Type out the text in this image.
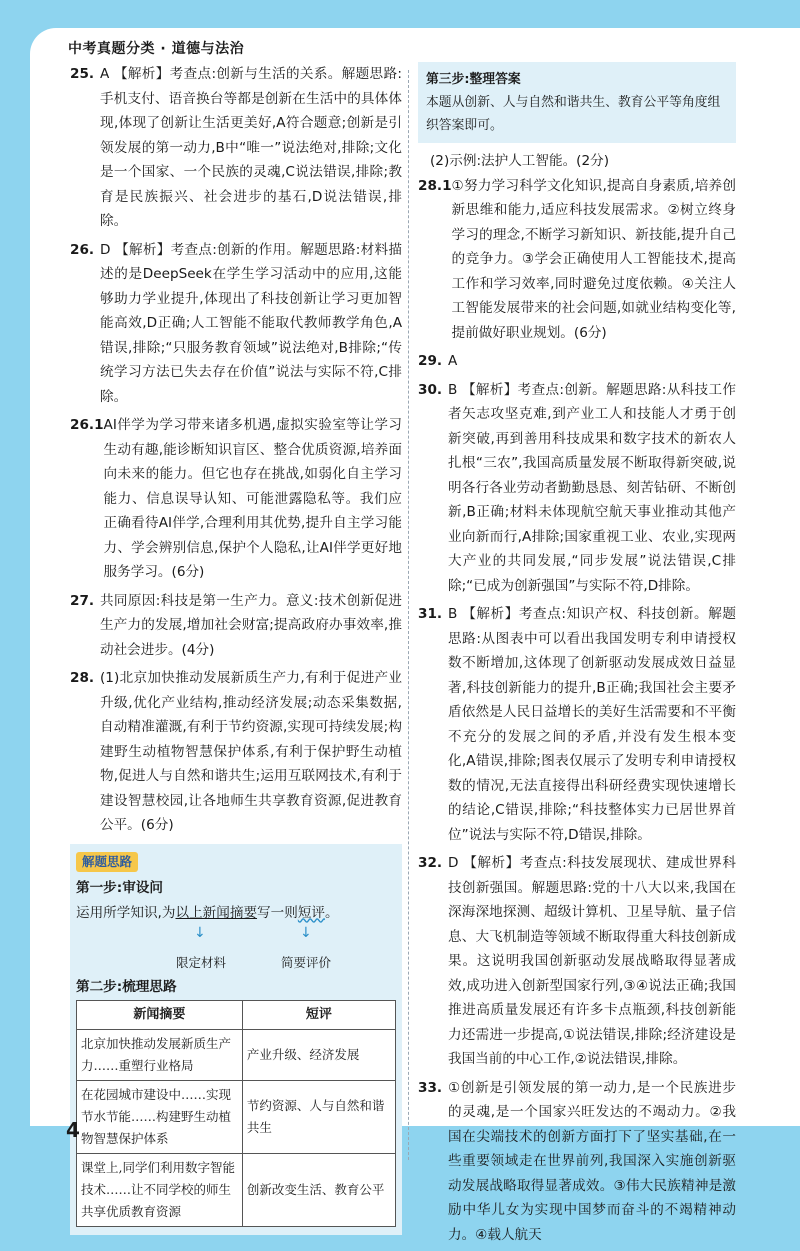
中考真题分类 · 道德与法治
25. A 【解析】考查点:创新与生活的关系。解题思路:手机支付、语音换台等都是创新在生活中的具体体现,体现了创新让生活更美好,A符合题意;创新是引领发展的第一动力,B中“唯一”说法绝对,排除;文化是一个国家、一个民族的灵魂,C说法错误,排除;教育是民族振兴、社会进步的基石,D说法错误,排除。
26. D 【解析】考查点:创新的作用。解题思路:材料描述的是DeepSeek在学生学习活动中的应用,这能够助力学业提升,体现出了科技创新让学习更加智能高效,D正确;人工智能不能取代教师教学角色,A错误,排除;“只服务教育领域”说法绝对,B排除;“传统学习方法已失去存在价值”说法与实际不符,C排除。
26.1 AI伴学为学习带来诸多机遇,虚拟实验室等让学习生动有趣,能诊断知识盲区、整合优质资源,培养面向未来的能力。但它也存在挑战,如弱化自主学习能力、信息误导认知、可能泄露隐私等。我们应正确看待AI伴学,合理利用其优势,提升自主学习能力、学会辨别信息,保护个人隐私,让AI伴学更好地服务学习。(6分)
27. 共同原因:科技是第一生产力。意义:技术创新促进生产力的发展,增加社会财富;提高政府办事效率,推动社会进步。(4分)
28. (1)北京加快推动发展新质生产力,有利于促进产业升级,优化产业结构,推动经济发展;动态采集数据,自动精准灌溉,有利于节约资源,实现可持续发展;构建野生动植物智慧保护体系,有利于保护野生动植物,促进人与自然和谐共生;运用互联网技术,有利于建设智慧校园,让各地师生共享教育资源,促进教育公平。(6分)
解题思路
第一步:审设问
运用所学知识,为以上新闻摘要写一则短评。
↓	↓
限定材料	简要评价
第二步:梳理思路
新闻摘要	短评
北京加快推动发展新质生产力……重塑行业格局	产业升级、经济发展
在花园城市建设中……实现节水节能……构建野生动植物智慧保护体系	节约资源、人与自然和谐共生
课堂上,同学们利用数字智能技术……让不同学校的师生共享优质教育资源	创新改变生活、教育公平
第三步:整理答案
本题从创新、人与自然和谐共生、教育公平等角度组织答案即可。
(2)示例:法护人工智能。(2分)
28.1 ①努力学习科学文化知识,提高自身素质,培养创新思维和能力,适应科技发展需求。②树立终身学习的理念,不断学习新知识、新技能,提升自己的竞争力。③学会正确使用人工智能技术,提高工作和学习效率,同时避免过度依赖。④关注人工智能发展带来的社会问题,如就业结构变化等,提前做好职业规划。(6分)
29. A
30. B 【解析】考查点:创新。解题思路:从科技工作者矢志攻坚克难,到产业工人和技能人才勇于创新突破,再到善用科技成果和数字技术的新农人扎根“三农”,我国高质量发展不断取得新突破,说明各行各业劳动者勤勤恳恳、刻苦钻研、不断创新,B正确;材料未体现航空航天事业推动其他产业向新而行,A排除;国家重视工业、农业,实现两大产业的共同发展,“同步发展”说法错误,C排除;“已成为创新强国”与实际不符,D排除。
31. B 【解析】考查点:知识产权、科技创新。解题思路:从图表中可以看出我国发明专利申请授权数不断增加,这体现了创新驱动发展成效日益显著,科技创新能力的提升,B正确;我国社会主要矛盾依然是人民日益增长的美好生活需要和不平衡不充分的发展之间的矛盾,并没有发生根本变化,A错误,排除;图表仅展示了发明专利申请授权数的情况,无法直接得出科研经费实现快速增长的结论,C错误,排除;“科技整体实力已居世界首位”说法与实际不符,D错误,排除。
32. D 【解析】考查点:科技发展现状、建成世界科技创新强国。解题思路:党的十八大以来,我国在深海深地探测、超级计算机、卫星导航、量子信息、大飞机制造等领域不断取得重大科技创新成果。这说明我国创新驱动发展战略取得显著成效,成功进入创新型国家行列,③④说法正确;我国推进高质量发展还有许多卡点瓶颈,科技创新能力还需进一步提高,①说法错误,排除;经济建设是我国当前的中心工作,②说法错误,排除。
33. ①创新是引领发展的第一动力,是一个民族进步的灵魂,是一个国家兴旺发达的不竭动力。②我国在尖端技术的创新方面打下了坚实基础,在一些重要领域走在世界前列,我国深入实施创新驱动发展战略取得显著成效。③伟大民族精神是激励中华儿女为实现中国梦而奋斗的不竭精神动力。④载人航天
4
